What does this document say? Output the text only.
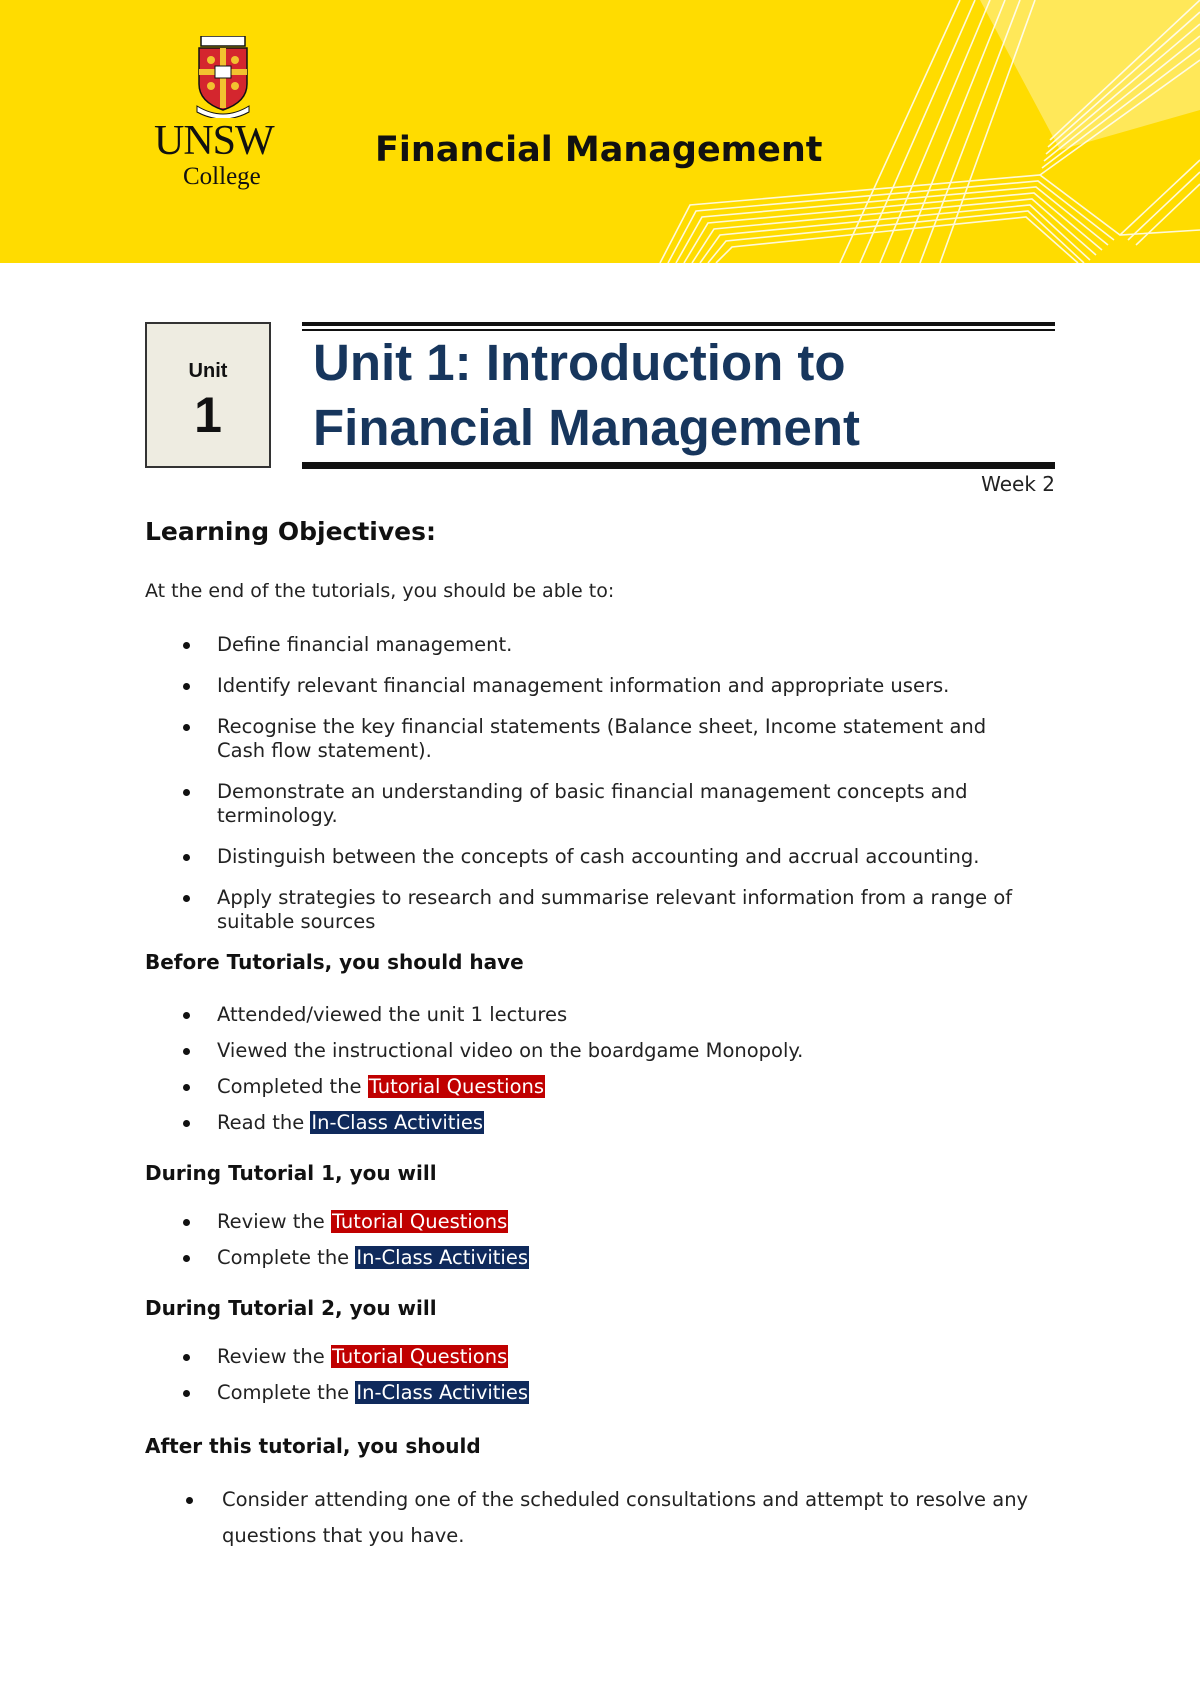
UNSW
College
Financial Management
Unit
1
Unit 1: Introduction to
Financial Management
Week 2
Learning Objectives:
At the end of the tutorials, you should be able to:
Define financial management.
Identify relevant financial management information and appropriate users.
Recognise the key financial statements (Balance sheet, Income statement and Cash flow statement).
Demonstrate an understanding of basic financial management concepts and terminology.
Distinguish between the concepts of cash accounting and accrual accounting.
Apply strategies to research and summarise relevant information from a range of suitable sources
Before Tutorials, you should have
Attended/viewed the unit 1 lectures
Viewed the instructional video on the boardgame Monopoly.
Completed the Tutorial Questions
Read the In-Class Activities
During Tutorial 1, you will
Review the Tutorial Questions
Complete the In-Class Activities
During Tutorial 2, you will
Review the Tutorial Questions
Complete the In-Class Activities
After this tutorial, you should
Consider attending one of the scheduled consultations and attempt to resolve any
questions that you have.
